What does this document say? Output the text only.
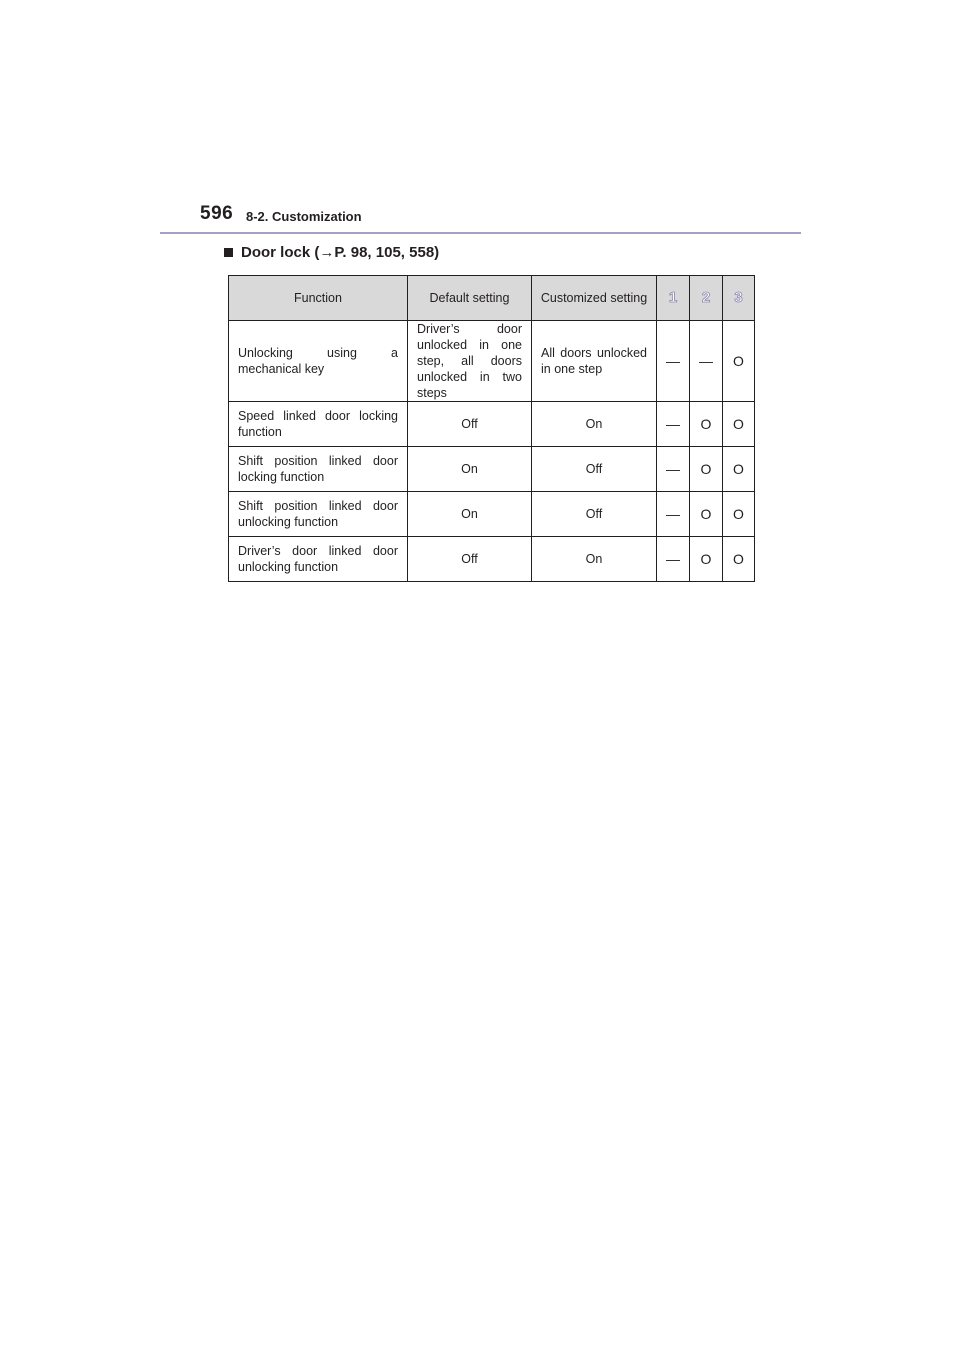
596 8-2. Customization
Door lock ( → P. 98, 105, 558)
Function	Default setting	Customized setting	1	2	3
Unlocking using a mechanical key	Driver’s door unlocked in one step, all doors unlocked in two steps	All doors unlocked in one step	—	—	O
Speed linked door locking function	Off	On	—	O	O
Shift position linked door locking function	On	Off	—	O	O
Shift position linked door unlocking function	On	Off	—	O	O
Driver’s door linked door unlocking function	Off	On	—	O	O
